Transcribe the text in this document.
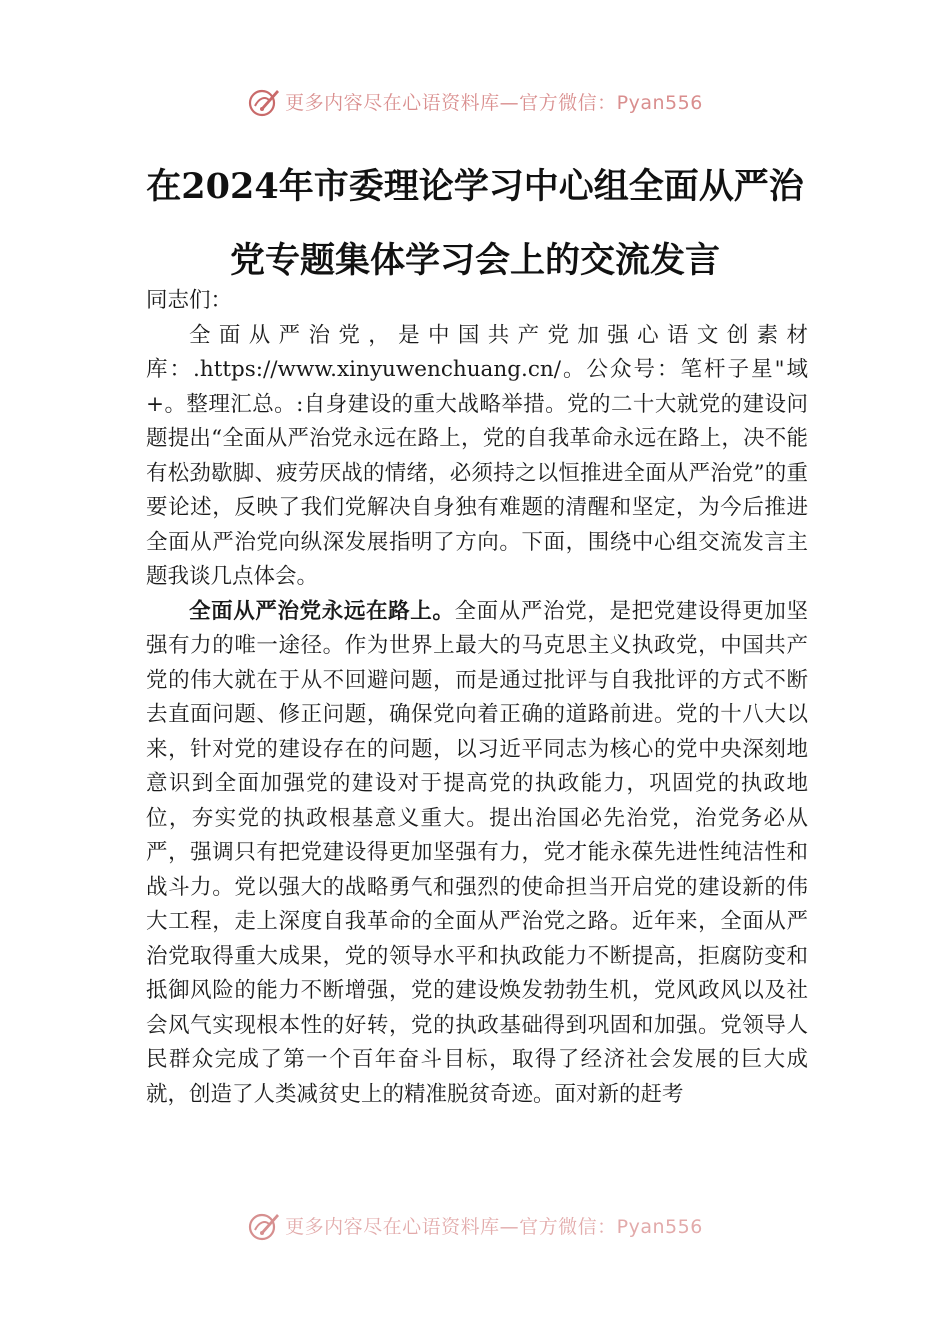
更多内容尽在心语资料库—官方微信：Pyan556
在2024年市委理论学习中心组全面从严治
党专题集体学习会上的交流发言

同志们：

全面从严治党，是中国共产党加强心语文创素材库：.https://www.xinyuwenchuang.cn/。公众号：笔杆子星"域+。整理汇总。:自身建设的重大战略举措。党的二十大就党的建设问题提出“全面从严治党永远在路上，党的自我革命永远在路上，决不能有松劲歇脚、疲劳厌战的情绪，必须持之以恒推进全面从严治党”的重要论述，反映了我们党解决自身独有难题的清醒和坚定，为今后推进全面从严治党向纵深发展指明了方向。下面，围绕中心组交流发言主题我谈几点体会。

全面从严治党永远在路上。全面从严治党，是把党建设得更加坚强有力的唯一途径。作为世界上最大的马克思主义执政党，中国共产党的伟大就在于从不回避问题，而是通过批评与自我批评的方式不断去直面问题、修正问题，确保党向着正确的道路前进。党的十八大以来，针对党的建设存在的问题，以习近平同志为核心的党中央深刻地意识到全面加强党的建设对于提高党的执政能力，巩固党的执政地位，夯实党的执政根基意义重大。提出治国必先治党，治党务必从严，强调只有把党建设得更加坚强有力，党才能永葆先进性纯洁性和战斗力。党以强大的战略勇气和强烈的使命担当开启党的建设新的伟大工程，走上深度自我革命的全面从严治党之路。近年来，全面从严治党取得重大成果，党的领导水平和执政能力不断提高，拒腐防变和抵御风险的能力不断增强，党的建设焕发勃勃生机，党风政风以及社会风气实现根本性的好转，党的执政基础得到巩固和加强。党领导人民群众完成了第一个百年奋斗目标，取得了经济社会发展的巨大成就，创造了人类减贫史上的精准脱贫奇迹。面对新的赶考

更多内容尽在心语资料库—官方微信：Pyan556
